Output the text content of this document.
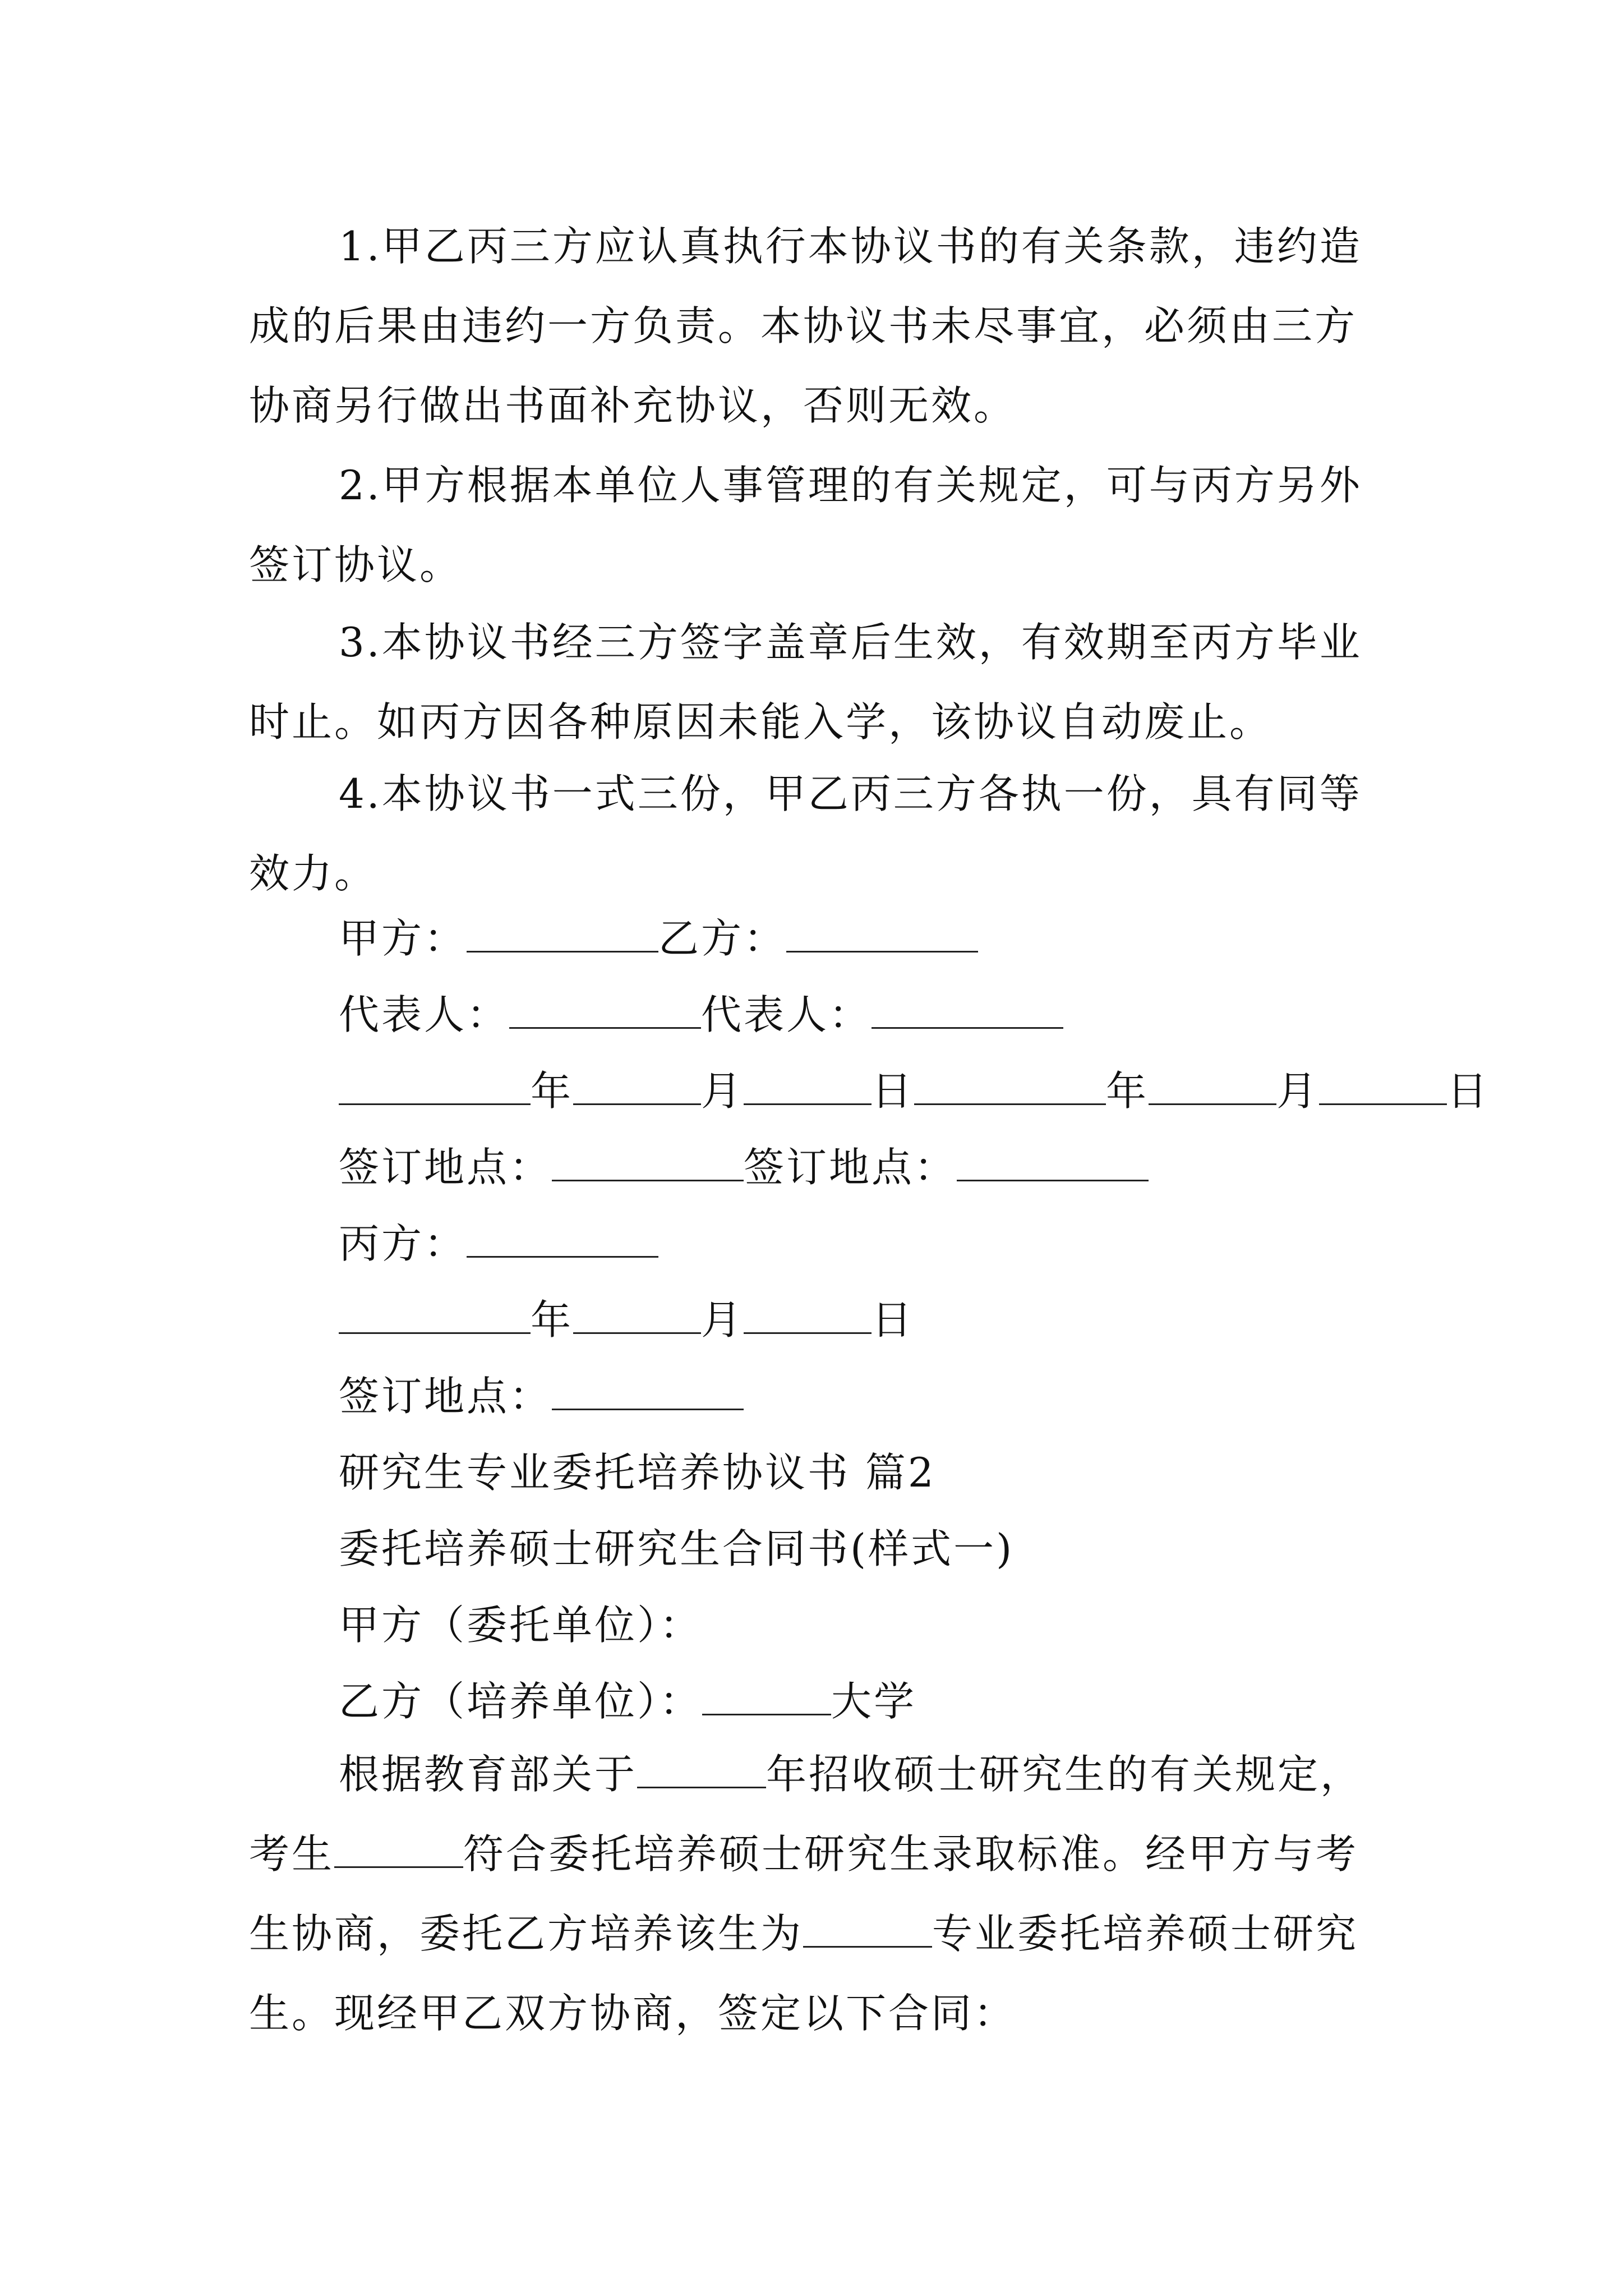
1.甲乙丙三方应认真执行本协议书的有关条款，违约造成的后果由违约一方负责。本协议书未尽事宜，必须由三方协商另行做出书面补充协议，否则无效。

2.甲方根据本单位人事管理的有关规定，可与丙方另外签订协议。

3.本协议书经三方签字盖章后生效，有效期至丙方毕业时止。如丙方因各种原因未能入学，该协议自动废止。

4.本协议书一式三份，甲乙丙三方各执一份，具有同等效力。

甲方：	乙方：

代表人：	代表人：

年	月	日	年	月	日

签订地点：	签订地点：

丙方：

年	月	日

签订地点：

研究生专业委托培养协议书 篇2

委托培养硕士研究生合同书(样式一)

甲方（委托单位）：

乙方（培养单位）：	大学

根据教育部关于	年招收硕士研究生的有关规定，考生	符合委托培养硕士研究生录取标准。经甲方与考生协商，委托乙方培养该生为	专业委托培养硕士研究生。现经甲乙双方协商，签定以下合同：
